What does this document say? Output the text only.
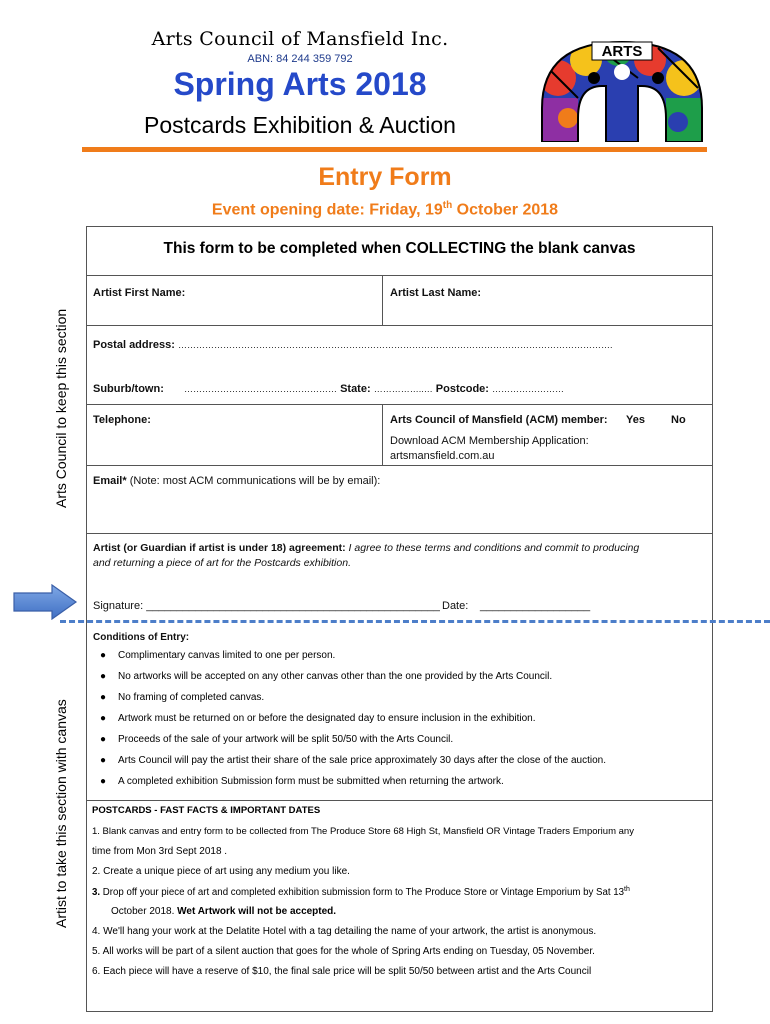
Arts Council of Mansfield Inc.
ABN: 84 244 359 792
Spring Arts 2018
Postcards Exhibition & Auction
ARTS
Entry Form
Event opening date: Friday, 19th October 2018
Arts Council to keep this section
Artist to take this section with canvas
This form to be completed when COLLECTING the blank canvas
Artist First Name:	Artist Last Name:
Postal address: ……………………………………………………………………………………………………………………………….
Suburb/town: …………………………………………… State: ……………..… Postcode: ……………………
Telephone:	Arts Council of Mansfield (ACM) member: Yes No
Download ACM Membership Application:
artsmansfield.com.au
Email* (Note: most ACM communications will be by email):
Artist (or Guardian if artist is under 18) agreement: I agree to these terms and conditions and commit to producing
and returning a piece of art for the Postcards exhibition.
Signature: ________________________________________________ Date: __________________
Conditions of Entry:
● Complimentary canvas limited to one per person.
● No artworks will be accepted on any other canvas other than the one provided by the Arts Council.
● No framing of completed canvas.
● Artwork must be returned on or before the designated day to ensure inclusion in the exhibition.
● Proceeds of the sale of your artwork will be split 50/50 with the Arts Council.
● Arts Council will pay the artist their share of the sale price approximately 30 days after the close of the auction.
● A completed exhibition Submission form must be submitted when returning the artwork.
POSTCARDS - FAST FACTS & IMPORTANT DATES
1. Blank canvas and entry form to be collected from The Produce Store 68 High St, Mansfield OR Vintage Traders Emporium any
time from Mon 3rd Sept 2018 .
2. Create a unique piece of art using any medium you like.
3. Drop off your piece of art and completed exhibition submission form to The Produce Store or Vintage Emporium by Sat 13th
October 2018. Wet Artwork will not be accepted.
4. We'll hang your work at the Delatite Hotel with a tag detailing the name of your artwork, the artist is anonymous.
5. All works will be part of a silent auction that goes for the whole of Spring Arts ending on Tuesday, 05 November.
6. Each piece will have a reserve of $10, the final sale price will be split 50/50 between artist and the Arts Council
